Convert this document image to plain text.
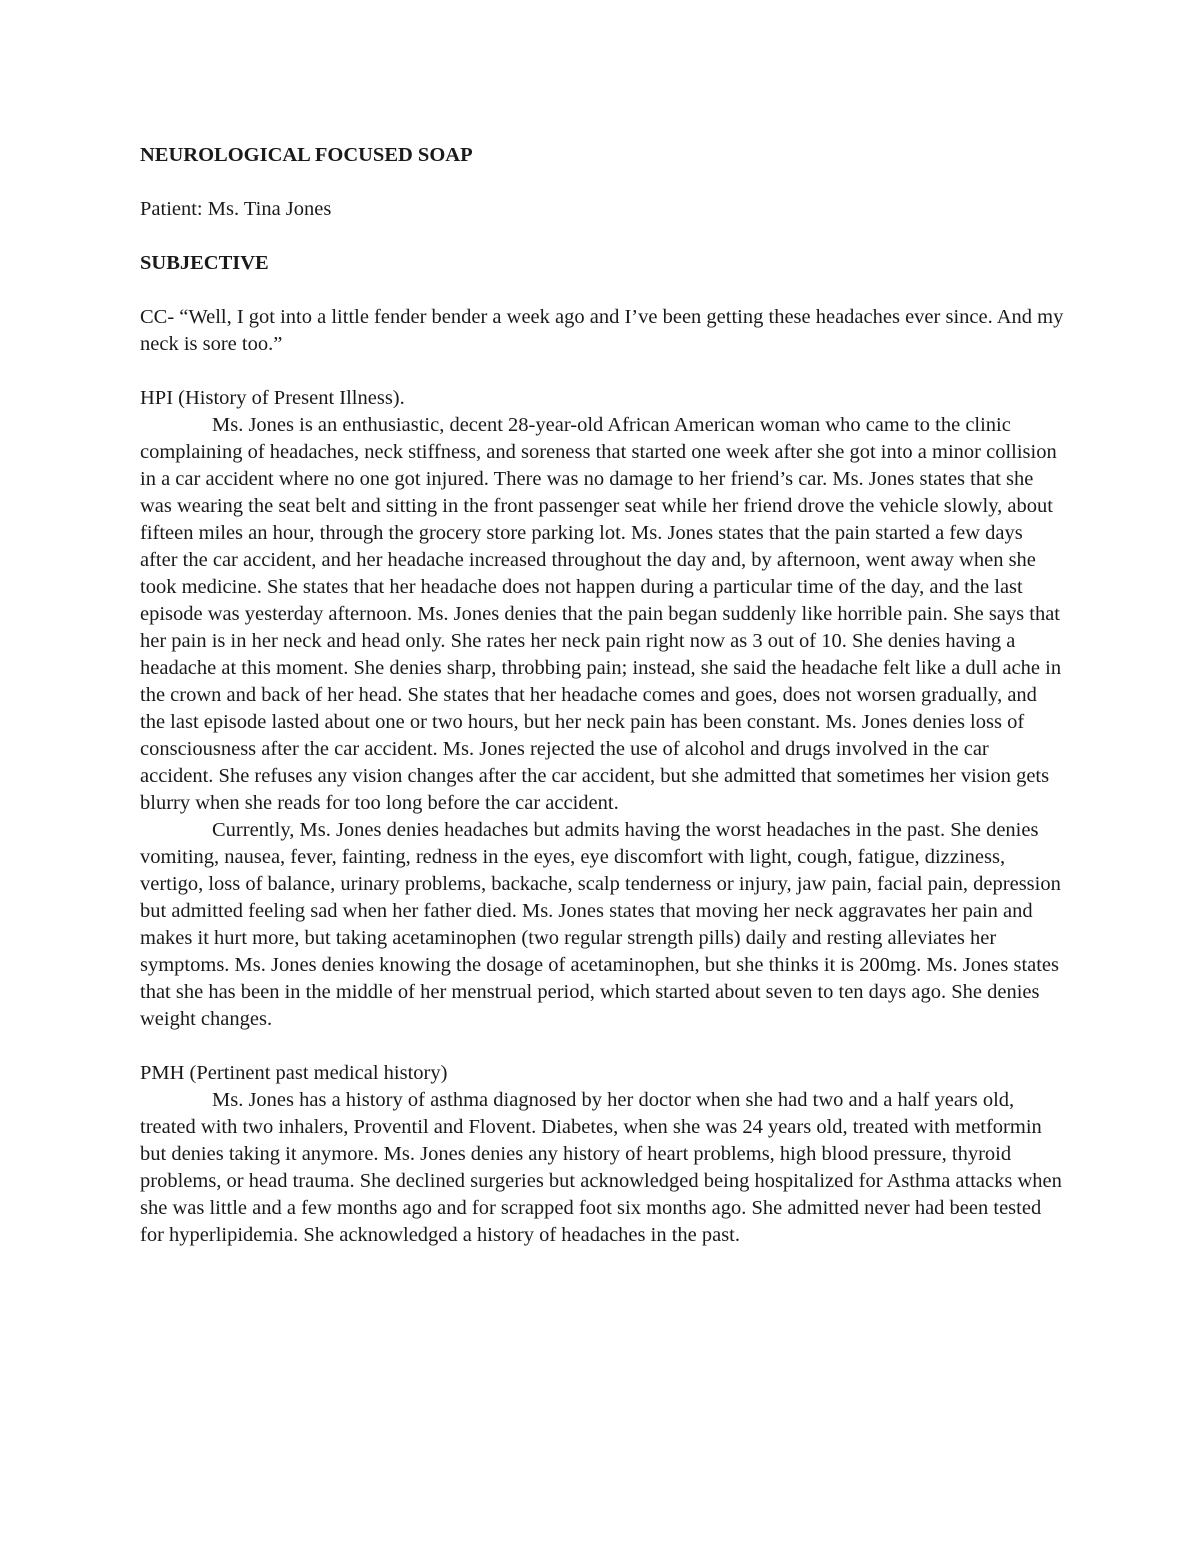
NEUROLOGICAL FOCUSED SOAP

Patient: Ms. Tina Jones

SUBJECTIVE

CC- “Well, I got into a little fender bender a week ago and I’ve been getting these headaches ever since. And my neck is sore too.”

HPI (History of Present Illness).

Ms. Jones is an enthusiastic, decent 28-year-old African American woman who came to the clinic complaining of headaches, neck stiffness, and soreness that started one week after she got into a minor collision in a car accident where no one got injured. There was no damage to her friend’s car. Ms. Jones states that she was wearing the seat belt and sitting in the front passenger seat while her friend drove the vehicle slowly, about fifteen miles an hour, through the grocery store parking lot. Ms. Jones states that the pain started a few days after the car accident, and her headache increased throughout the day and, by afternoon, went away when she took medicine. She states that her headache does not happen during a particular time of the day, and the last episode was yesterday afternoon. Ms. Jones denies that the pain began suddenly like horrible pain. She says that her pain is in her neck and head only. She rates her neck pain right now as 3 out of 10. She denies having a headache at this moment. She denies sharp, throbbing pain; instead, she said the headache felt like a dull ache in the crown and back of her head. She states that her headache comes and goes, does not worsen gradually, and the last episode lasted about one or two hours, but her neck pain has been constant. Ms. Jones denies loss of consciousness after the car accident. Ms. Jones rejected the use of alcohol and drugs involved in the car accident. She refuses any vision changes after the car accident, but she admitted that sometimes her vision gets blurry when she reads for too long before the car accident.

Currently, Ms. Jones denies headaches but admits having the worst headaches in the past. She denies vomiting, nausea, fever, fainting, redness in the eyes, eye discomfort with light, cough, fatigue, dizziness, vertigo, loss of balance, urinary problems, backache, scalp tenderness or injury, jaw pain, facial pain, depression but admitted feeling sad when her father died. Ms. Jones states that moving her neck aggravates her pain and makes it hurt more, but taking acetaminophen (two regular strength pills) daily and resting alleviates her symptoms. Ms. Jones denies knowing the dosage of acetaminophen, but she thinks it is 200mg. Ms. Jones states that she has been in the middle of her menstrual period, which started about seven to ten days ago. She denies weight changes.

PMH (Pertinent past medical history)

Ms. Jones has a history of asthma diagnosed by her doctor when she had two and a half years old, treated with two inhalers, Proventil and Flovent. Diabetes, when she was 24 years old, treated with metformin but denies taking it anymore. Ms. Jones denies any history of heart problems, high blood pressure, thyroid problems, or head trauma. She declined surgeries but acknowledged being hospitalized for Asthma attacks when she was little and a few months ago and for scrapped foot six months ago. She admitted never had been tested for hyperlipidemia. She acknowledged a history of headaches in the past.
